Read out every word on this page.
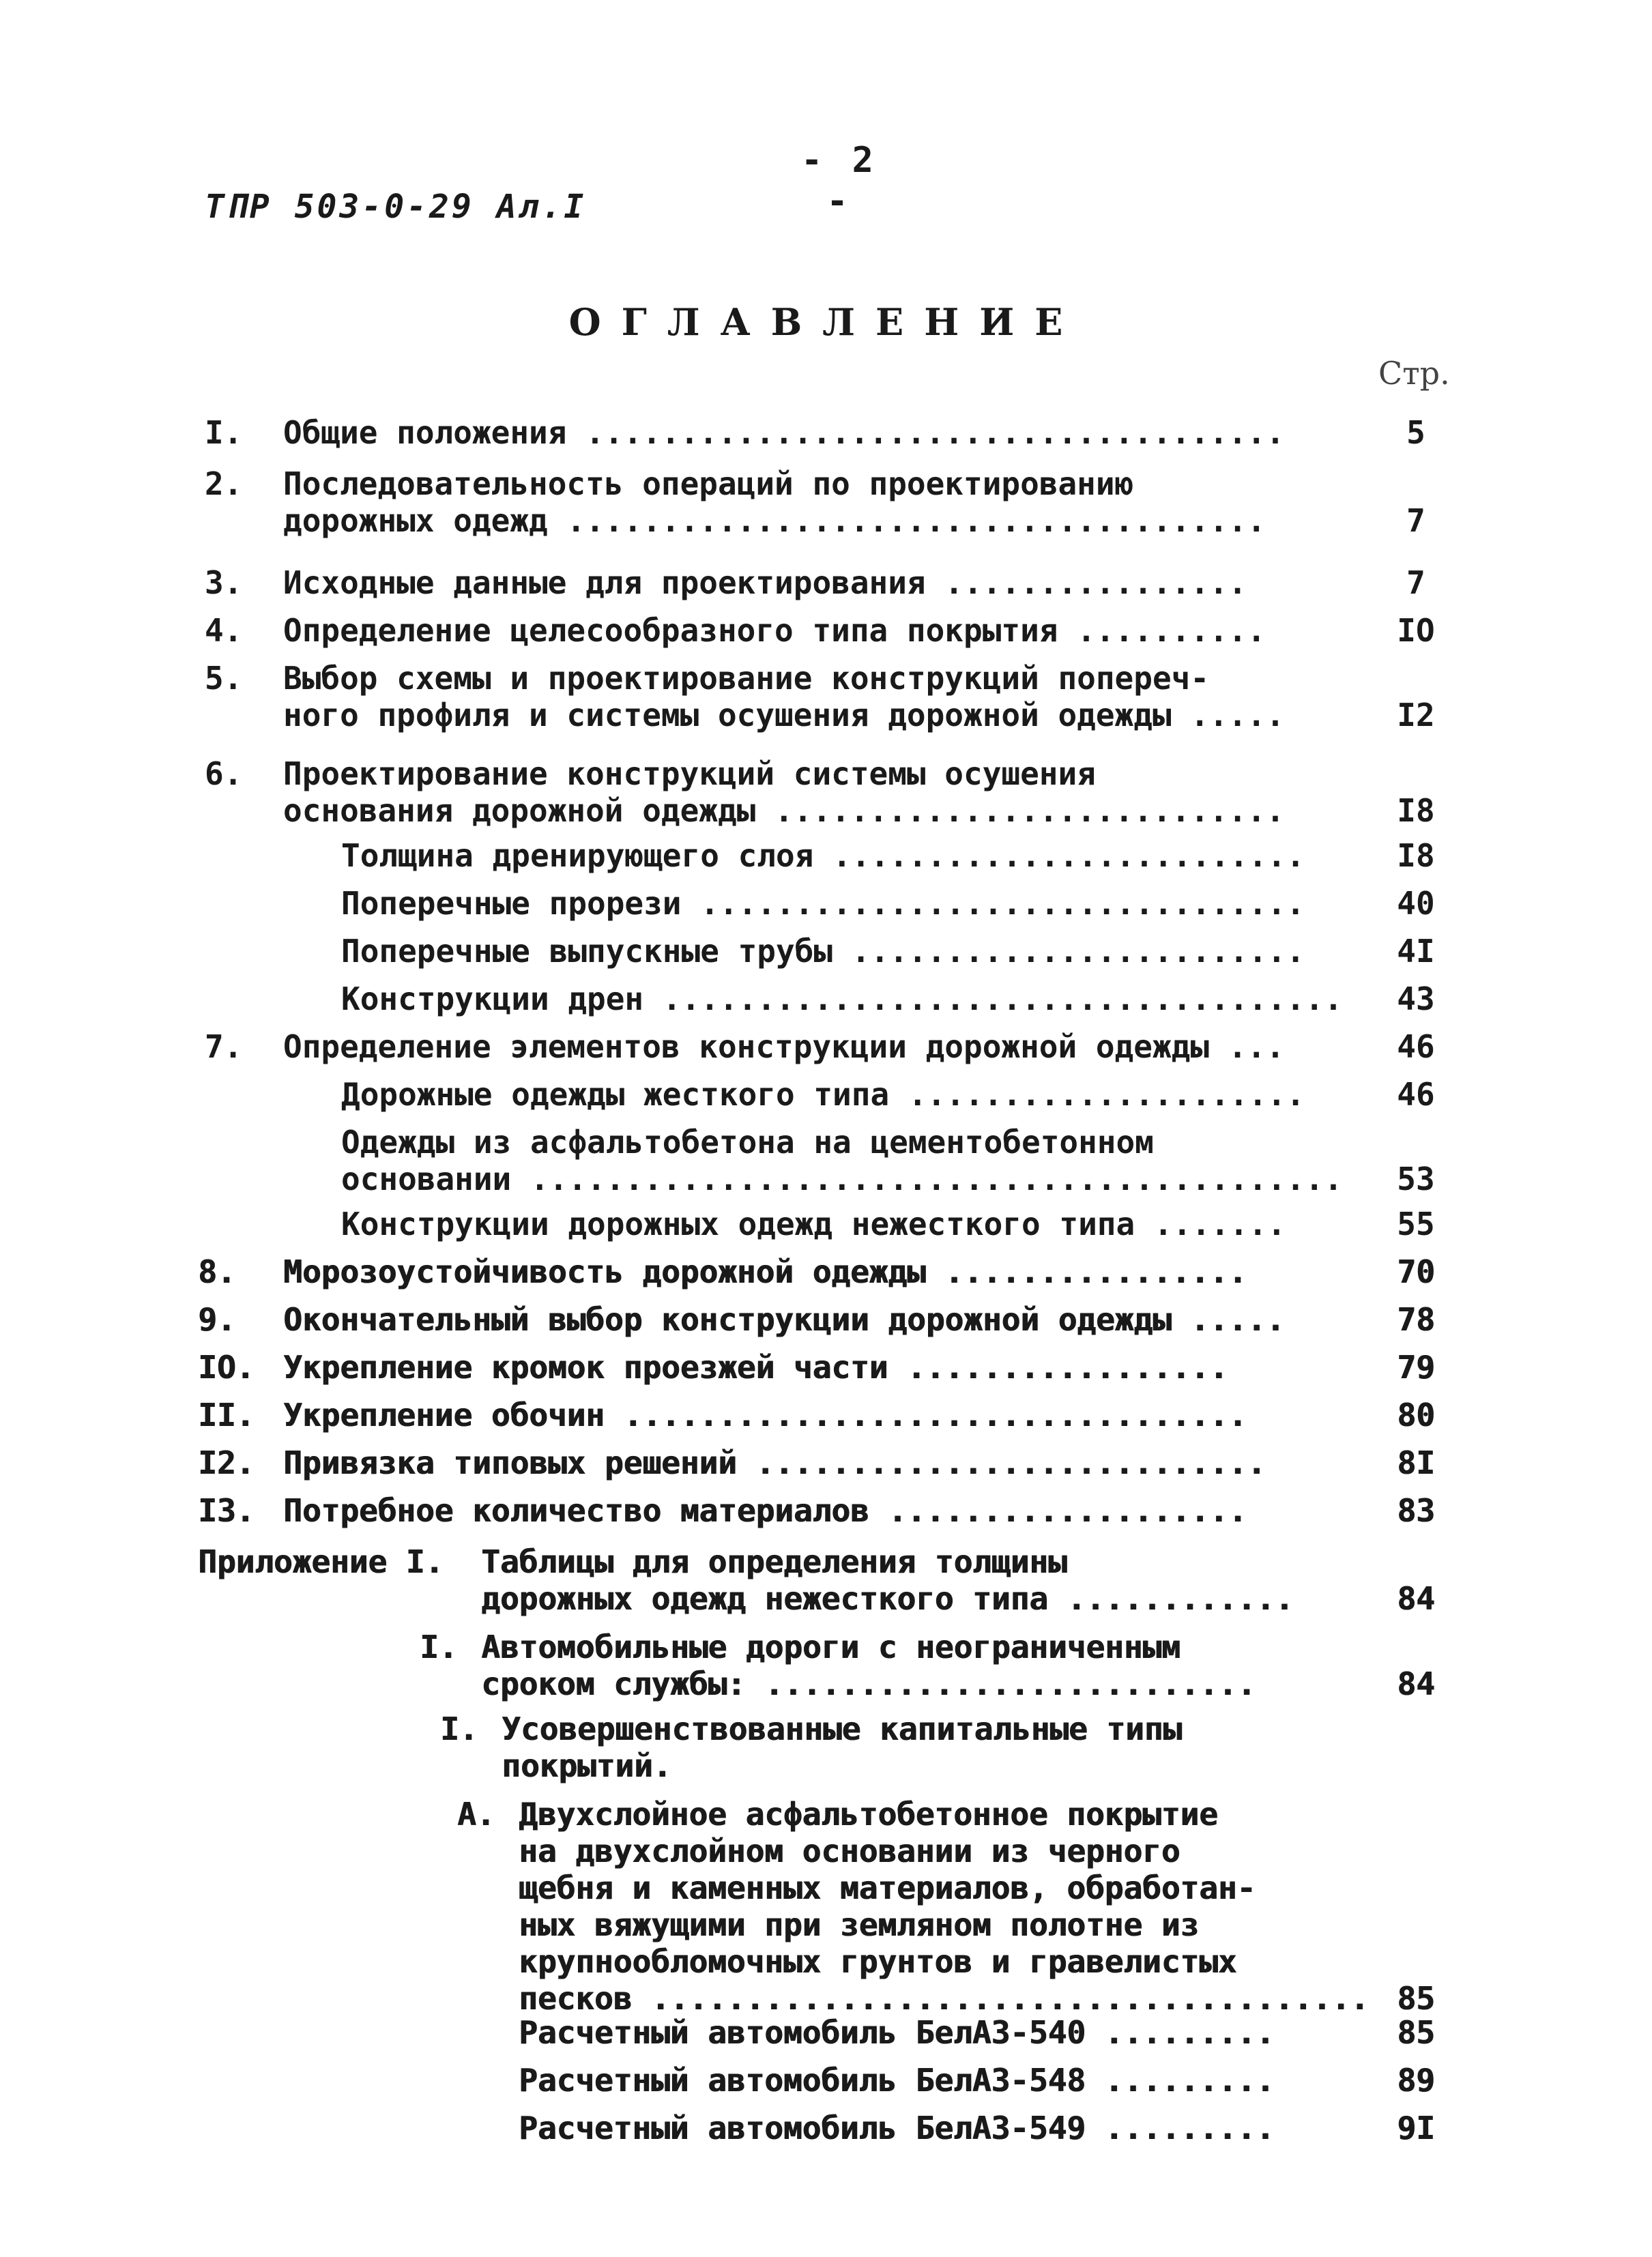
- 2 -
ТПР 503-0-29 Ал.I
ОГЛАВЛЕНИЕ
Стр.
I. Общие положения .....................................	5
2. Последовательность операций по проектированию
дорожных одежд .....................................	7
3. Исходные данные для проектирования ................	7
4. Определение целесообразного типа покрытия ..........	IO
5. Выбор схемы и проектирование конструкций попереч-
ного профиля и системы осушения дорожной одежды .....	I2
6. Проектирование конструкций системы осушения
основания дорожной одежды ...........................	I8
Толщина дренирующего слоя .........................	I8
Поперечные прорези ................................	40
Поперечные выпускные трубы ........................	4I
Конструкции дрен ....................................	43
7. Определение элементов конструкции дорожной одежды ...	46
Дорожные одежды жесткого типа .....................	46
Одежды из асфальтобетона на цементобетонном
основании ...........................................	53
Конструкции дорожных одежд нежесткого типа .......	55
8. Морозоустойчивость дорожной одежды ................	70
9. Окончательный выбор конструкции дорожной одежды .....	78
IO. Укрепление кромок проезжей части .................	79
II. Укрепление обочин .................................	80
I2. Привязка типовых решений ...........................	8I
I3. Потребное количество материалов ...................	83
Приложение I. Таблицы для определения толщины
дорожных одежд нежесткого типа ............	84
I. Автомобильные дороги с неограниченным
сроком службы: ..........................	84
I. Усовершенствованные капитальные типы
покрытий.
А. Двухслойное асфальтобетонное покрытие
на двухслойном основании из черного
щебня и каменных материалов, обработан-
ных вяжущими при земляном полотне из
крупнообломочных грунтов и гравелистых
песков ...................................... 85
Расчетный автомобиль БелАЗ-540 .........	85
Расчетный автомобиль БелАЗ-548 .........	89
Расчетный автомобиль БелАЗ-549 .........	9I
